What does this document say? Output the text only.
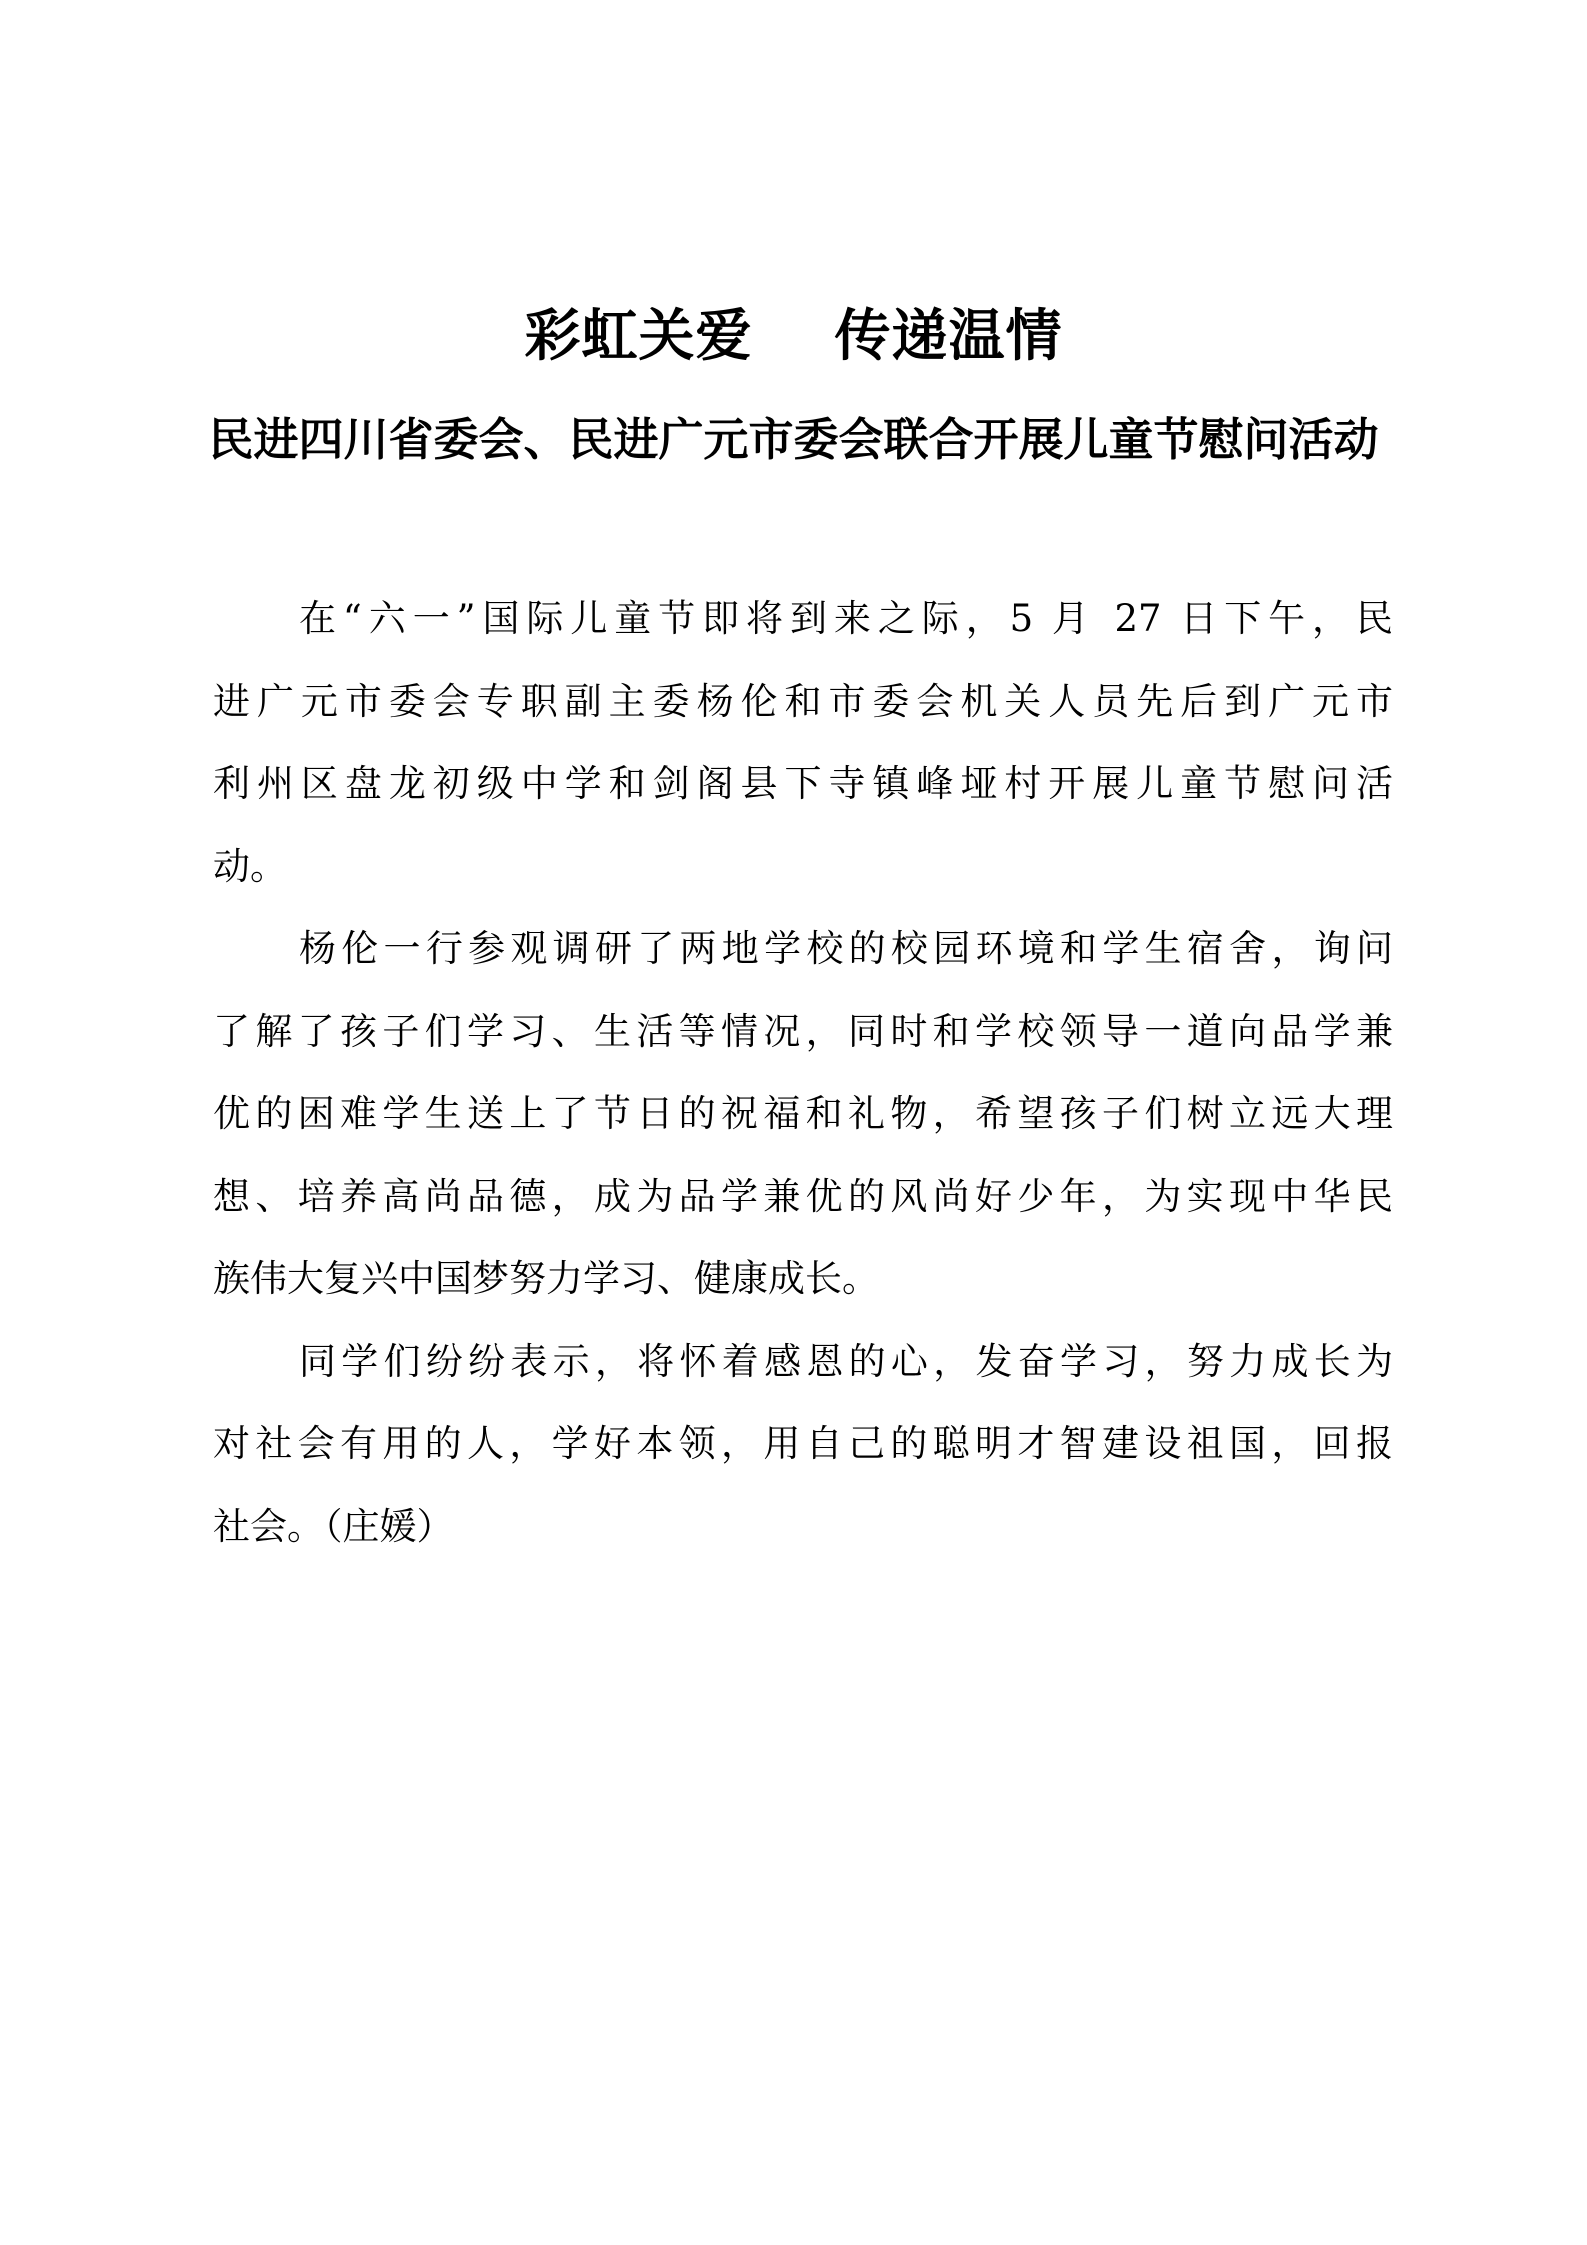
彩虹关爱    传递温情
民进四川省委会、民进广元市委会联合开展儿童节慰问活动

在“六一”国际儿童节即将到来之际，5 月 27 日下午，民
进广元市委会专职副主委杨伦和市委会机关人员先后到广元市
利州区盘龙初级中学和剑阁县下寺镇峰垭村开展儿童节慰问活
动。

杨伦一行参观调研了两地学校的校园环境和学生宿舍，询问
了解了孩子们学习、生活等情况，同时和学校领导一道向品学兼
优的困难学生送上了节日的祝福和礼物，希望孩子们树立远大理
想、培养高尚品德，成为品学兼优的风尚好少年，为实现中华民
族伟大复兴中国梦努力学习、健康成长。

同学们纷纷表示，将怀着感恩的心，发奋学习，努力成长为
对社会有用的人，学好本领，用自己的聪明才智建设祖国，回报
社会。（庄媛）
